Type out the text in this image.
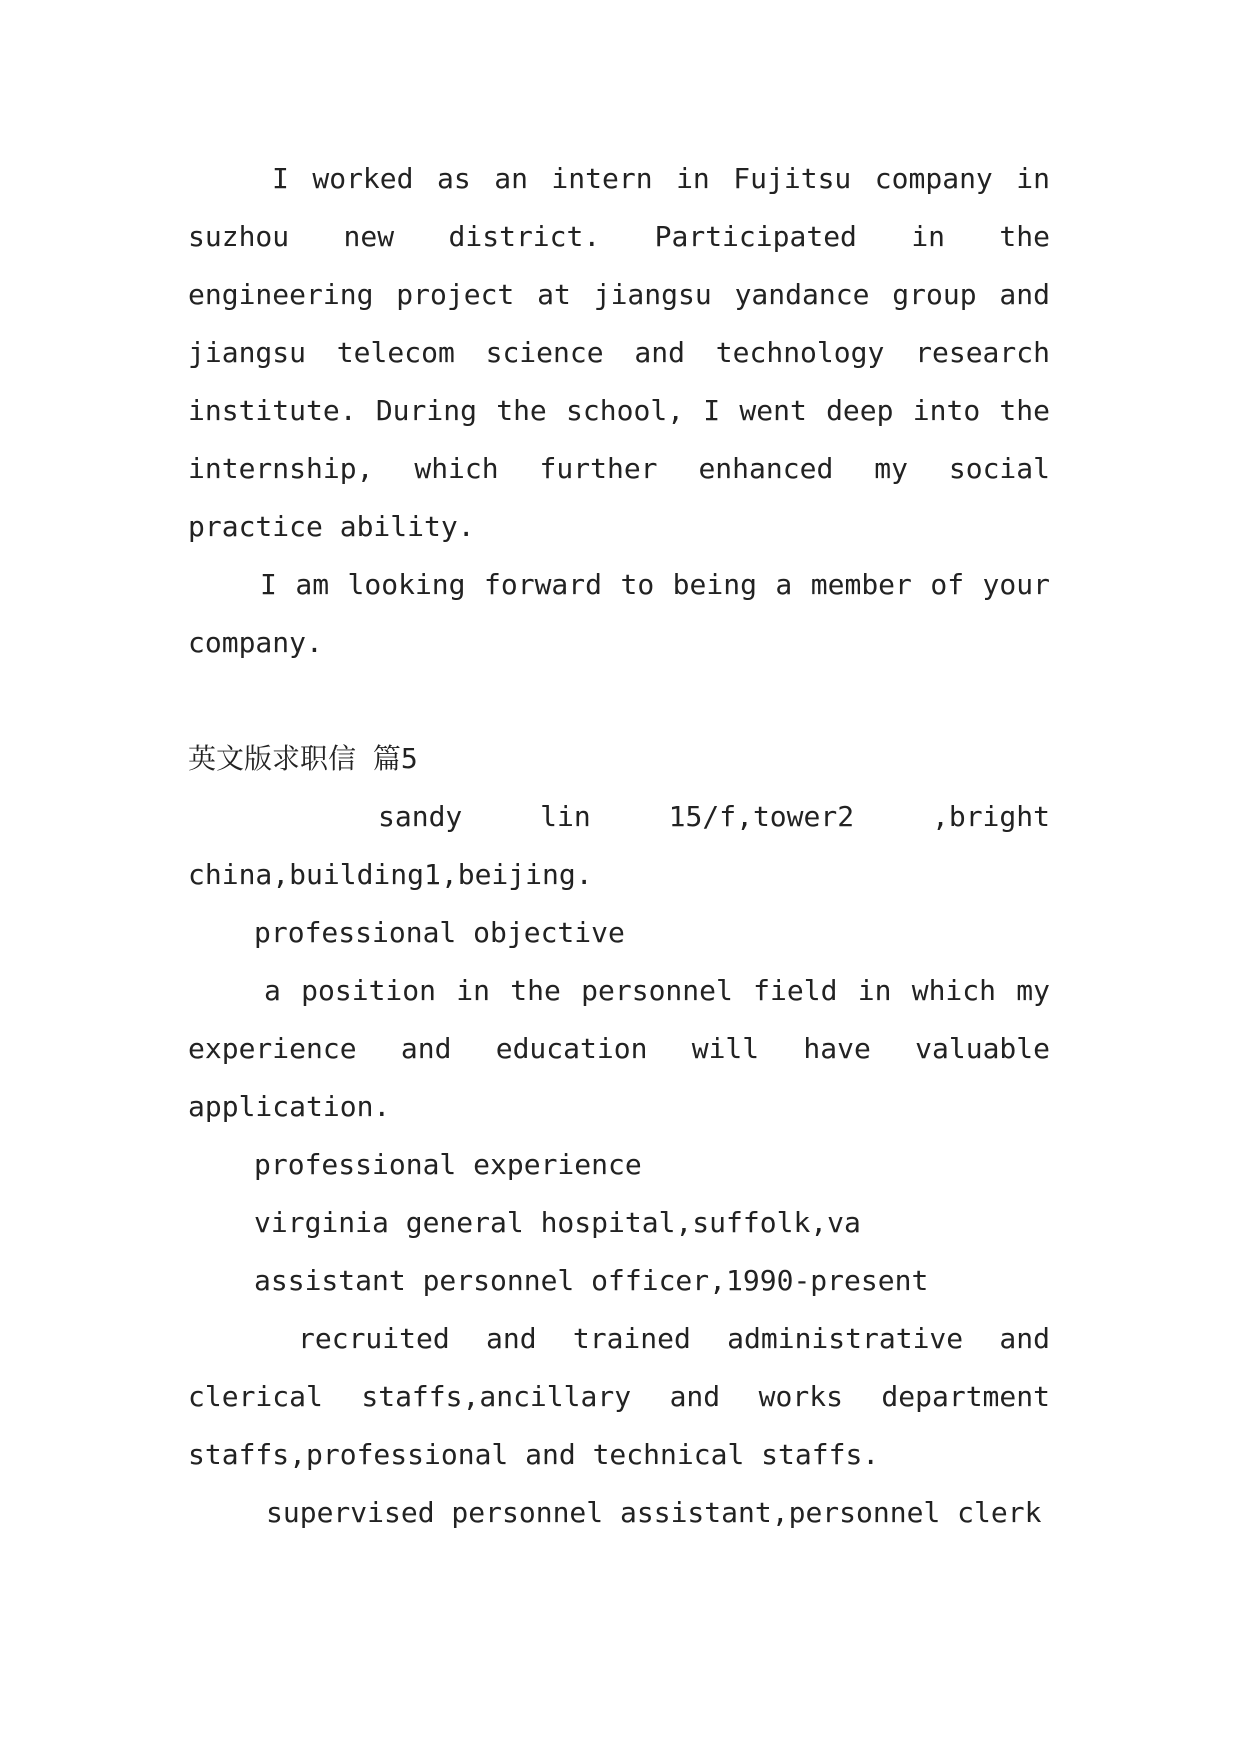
I worked as an intern in Fujitsu company in suzhou new district. Participated in the engineering project at jiangsu yandance group and jiangsu telecom science and technology research institute. During the school, I went deep into the internship, which further enhanced my social practice ability.

I am looking forward to being a member of your company.

英文版求职信 篇5

sandy lin 15/f,tower2 ,bright china,building1,beijing.

professional objective

a position in the personnel field in which my experience and education will have valuable application.

professional experience

virginia general hospital,suffolk,va

assistant personnel officer,1990-present

recruited and trained administrative and clerical staffs,ancillary and works department staffs,professional and technical staffs.

supervised personnel assistant,personnel clerk
